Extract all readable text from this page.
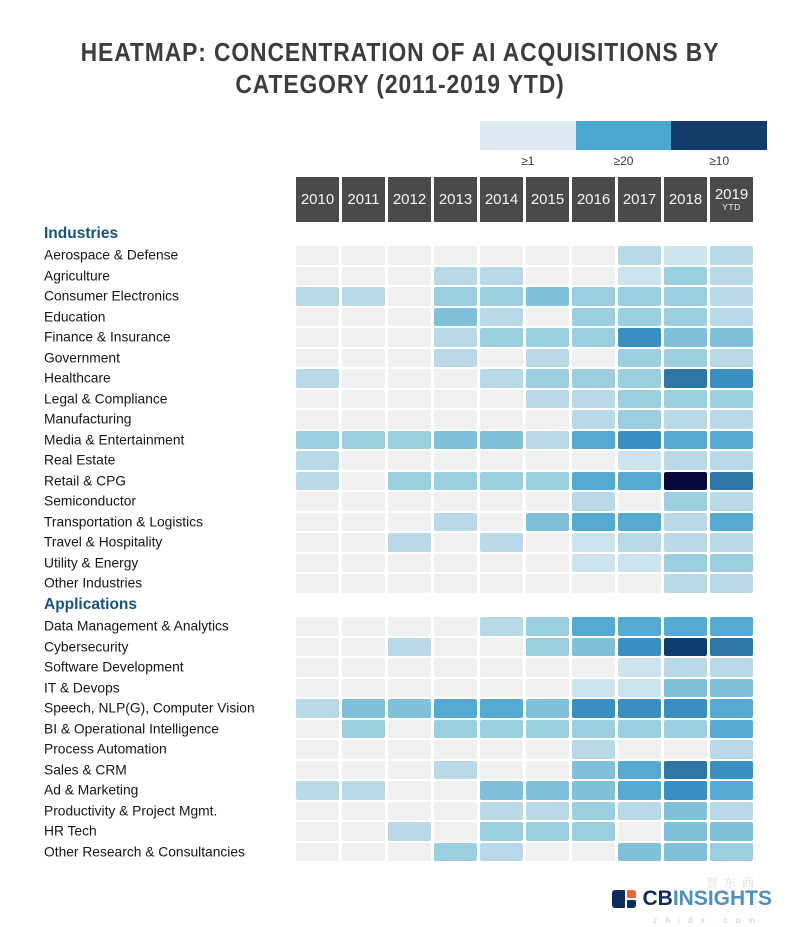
HEATMAP: CONCENTRATION OF AI ACQUISITIONS BY
CATEGORY (2011-2019 YTD)
≥1	≥20	≥10
2010 2011 2012 2013 2014 2015 2016 2017 2018 2019
YTD
Industries
Aerospace & Defense
Agriculture
Consumer Electronics
Education
Finance & Insurance
Government
Healthcare
Legal & Compliance
Manufacturing
Media & Entertainment
Real Estate
Retail & CPG
Semiconductor
Transportation & Logistics
Travel & Hospitality
Utility & Energy
Other Industries
Applications
Data Management & Analytics
Cybersecurity
Software Development
IT & Devops
Speech, NLP(G), Computer Vision
BI & Operational Intelligence
Process Automation
Sales & CRM
Ad & Marketing
Productivity & Project Mgmt.
HR Tech
Other Research & Consultancies
智东西
CB INSIGHTS
z h i d x . c o m
